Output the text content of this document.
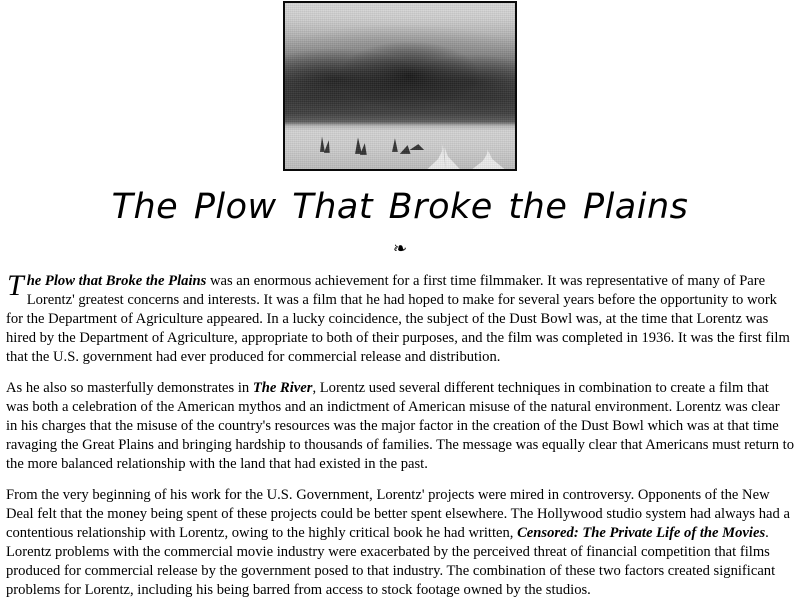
The Plow That Broke the Plains
❧

The Plow that Broke the Plains was an enormous achievement for a first time filmmaker. It was representative of many of Pare Lorentz' greatest concerns and interests. It was a film that he had hoped to make for several years before the opportunity to work for the Department of Agriculture appeared. In a lucky coincidence, the subject of the Dust Bowl was, at the time that Lorentz was hired by the Department of Agriculture, appropriate to both of their purposes, and the film was completed in 1936. It was the first film that the U.S. government had ever produced for commercial release and distribution.

As he also so masterfully demonstrates in The River, Lorentz used several different techniques in combination to create a film that was both a celebration of the American mythos and an indictment of American misuse of the natural environment. Lorentz was clear in his charges that the misuse of the country's resources was the major factor in the creation of the Dust Bowl which was at that time ravaging the Great Plains and bringing hardship to thousands of families. The message was equally clear that Americans must return to the more balanced relationship with the land that had existed in the past.

From the very beginning of his work for the U.S. Government, Lorentz' projects were mired in controversy. Opponents of the New Deal felt that the money being spent of these projects could be better spent elsewhere. The Hollywood studio system had always had a contentious relationship with Lorentz, owing to the highly critical book he had written, Censored: The Private Life of the Movies. Lorentz problems with the commercial movie industry were exacerbated by the perceived threat of financial competition that films produced for commercial release by the government posed to that industry. The combination of these two factors created significant problems for Lorentz, including his being barred from access to stock footage owned by the studios.
